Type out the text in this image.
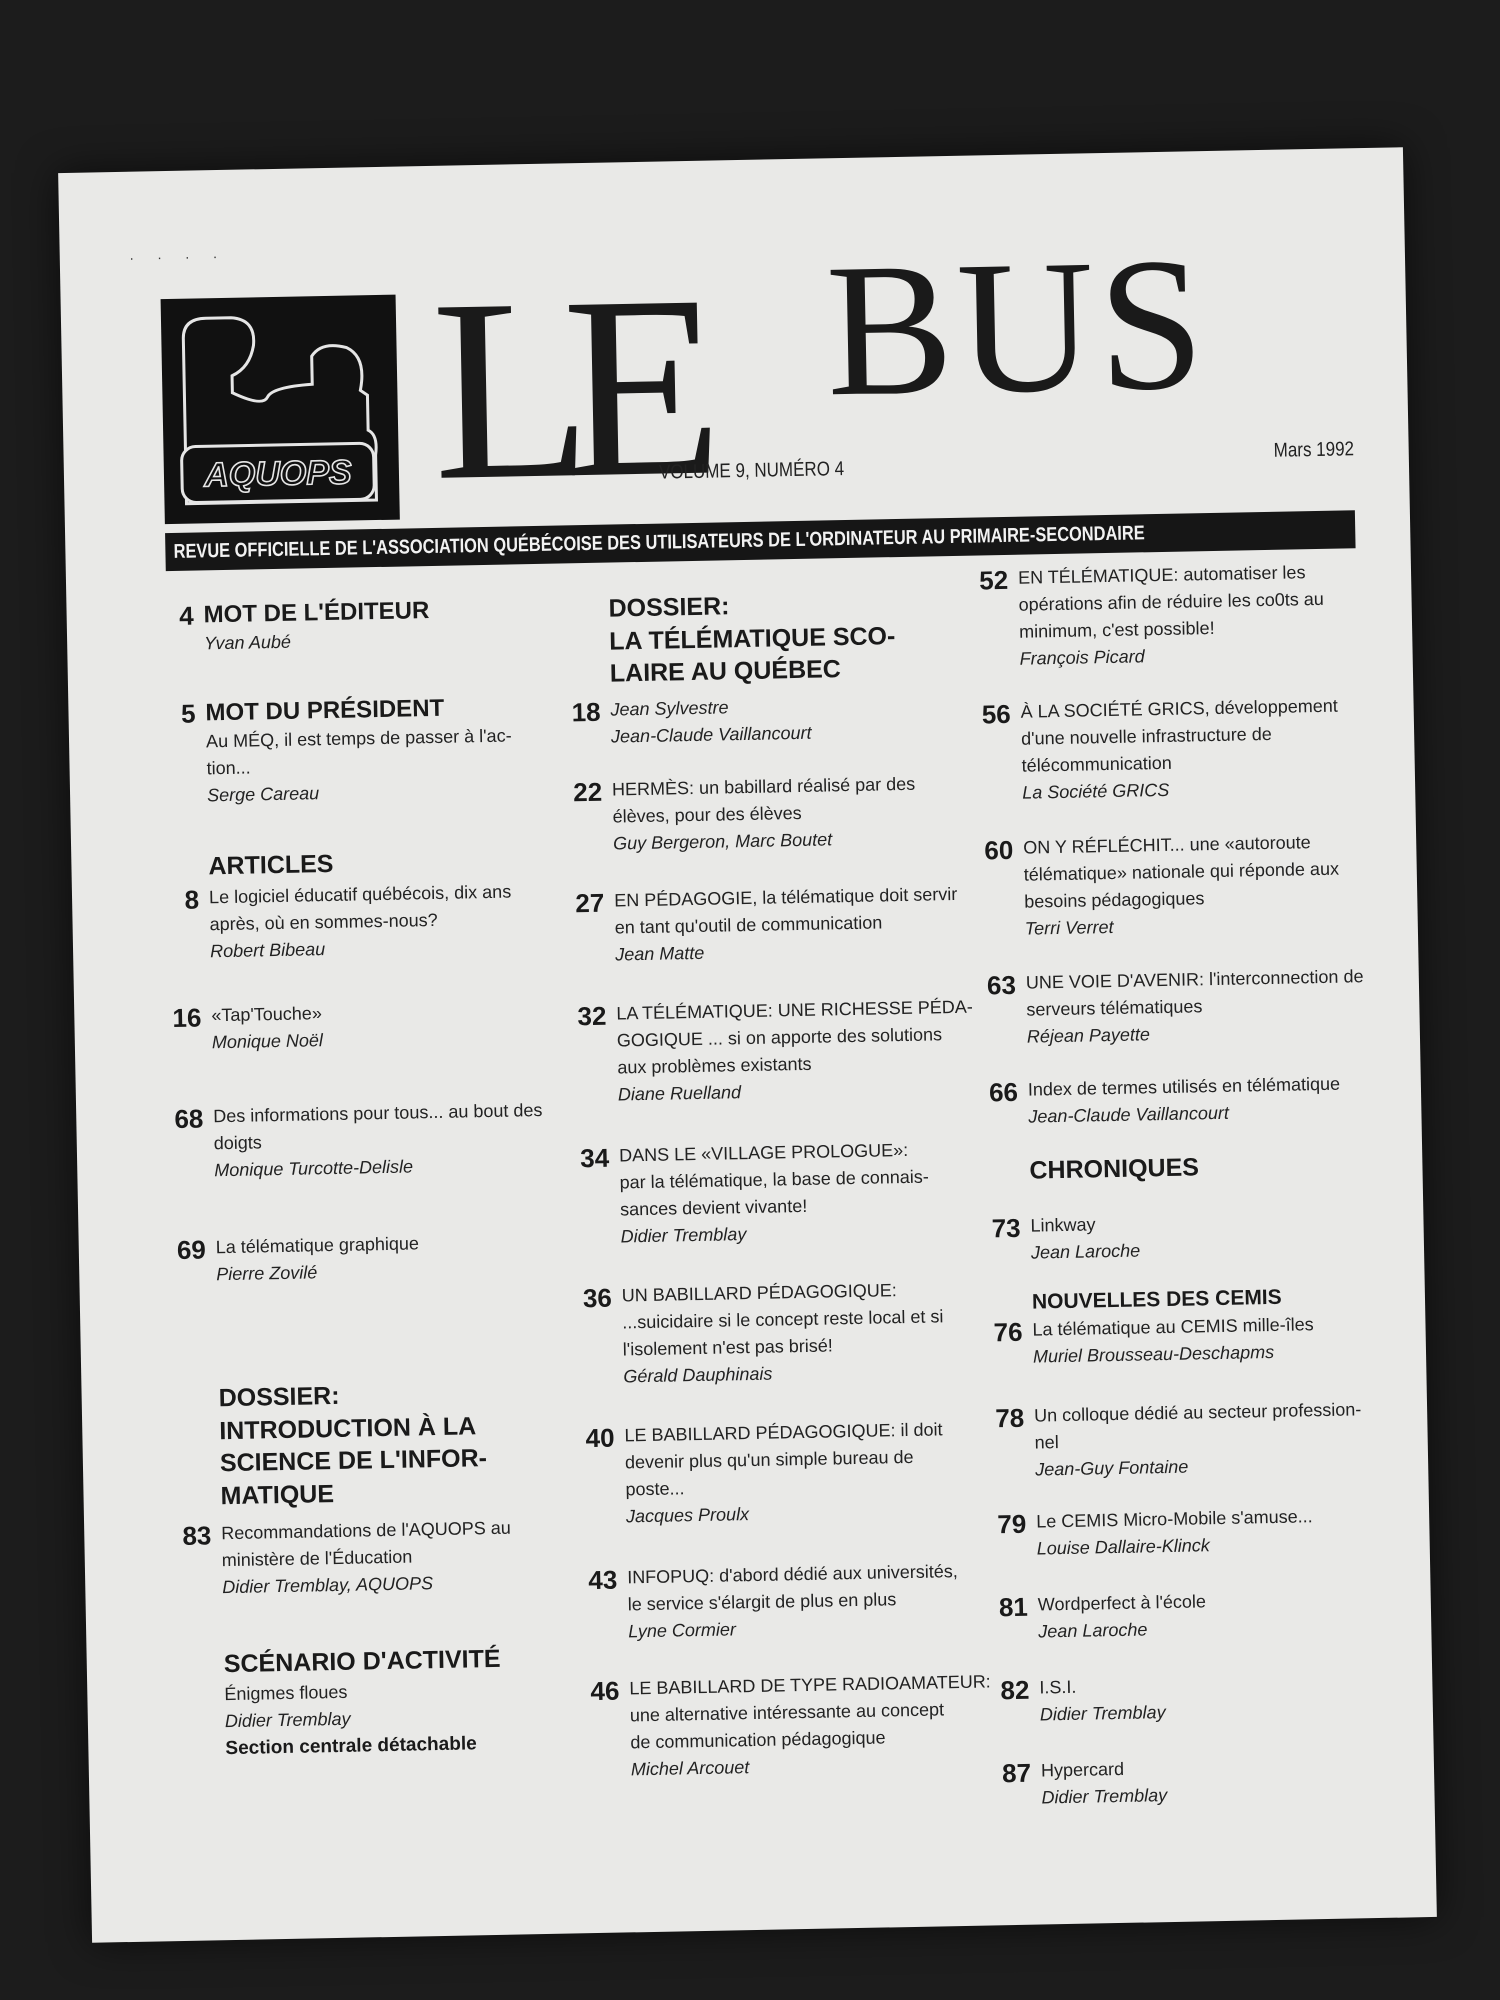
. . . .
AQUOPS LE BUS
VOLUME 9, NUMÉRO 4
Mars 1992
REVUE OFFICIELLE DE L'ASSOCIATION QUÉBÉCOISE DES UTILISATEURS DE L'ORDINATEUR AU PRIMAIRE-SECONDAIRE
4 MOT DE L'ÉDITEUR
Yvan Aubé
5 MOT DU PRÉSIDENT
Au MÉQ, il est temps de passer à l'ac-
tion...
Serge Careau
ARTICLES
8 Le logiciel éducatif québécois, dix ans
après, où en sommes-nous?
Robert Bibeau
16 «Tap'Touche»
Monique Noël
68 Des informations pour tous... au bout des
doigts
Monique Turcotte-Delisle
69 La télématique graphique
Pierre Zovilé
DOSSIER:
INTRODUCTION À LA
SCIENCE DE L'INFOR-
MATIQUE
83 Recommandations de l'AQUOPS au
ministère de l'Éducation
Didier Tremblay, AQUOPS
SCÉNARIO D'ACTIVITÉ
Énigmes floues
Didier Tremblay
Section centrale détachable
DOSSIER:
LA TÉLÉMATIQUE SCO-
LAIRE AU QUÉBEC
18 Jean Sylvestre
Jean-Claude Vaillancourt
22 HERMÈS: un babillard réalisé par des
élèves, pour des élèves
Guy Bergeron, Marc Boutet
27 EN PÉDAGOGIE, la télématique doit servir
en tant qu'outil de communication
Jean Matte
32 LA TÉLÉMATIQUE: UNE RICHESSE PÉDA-
GOGIQUE ... si on apporte des solutions
aux problèmes existants
Diane Ruelland
34 DANS LE «VILLAGE PROLOGUE»:
par la télématique, la base de connais-
sances devient vivante!
Didier Tremblay
36 UN BABILLARD PÉDAGOGIQUE:
...suicidaire si le concept reste local et si
l'isolement n'est pas brisé!
Gérald Dauphinais
40 LE BABILLARD PÉDAGOGIQUE: il doit
devenir plus qu'un simple bureau de
poste...
Jacques Proulx
43 INFOPUQ: d'abord dédié aux universités,
le service s'élargit de plus en plus
Lyne Cormier
46 LE BABILLARD DE TYPE RADIOAMATEUR:
une alternative intéressante au concept
de communication pédagogique
Michel Arcouet
52 EN TÉLÉMATIQUE: automatiser les
opérations afin de réduire les co0ts au
minimum, c'est possible!
François Picard
56 À LA SOCIÉTÉ GRICS, développement
d'une nouvelle infrastructure de
télécommunication
La Société GRICS
60 ON Y RÉFLÉCHIT... une «autoroute
télématique» nationale qui réponde aux
besoins pédagogiques
Terri Verret
63 UNE VOIE D'AVENIR: l'interconnection de
serveurs télématiques
Réjean Payette
66 Index de termes utilisés en télématique
Jean-Claude Vaillancourt
CHRONIQUES
73 Linkway
Jean Laroche
NOUVELLES DES CEMIS
76 La télématique au CEMIS mille-îles
Muriel Brousseau-Deschapms
78 Un colloque dédié au secteur profession-
nel
Jean-Guy Fontaine
79 Le CEMIS Micro-Mobile s'amuse...
Louise Dallaire-Klinck
81 Wordperfect à l'école
Jean Laroche
82 I.S.I.
Didier Tremblay
87 Hypercard
Didier Tremblay
